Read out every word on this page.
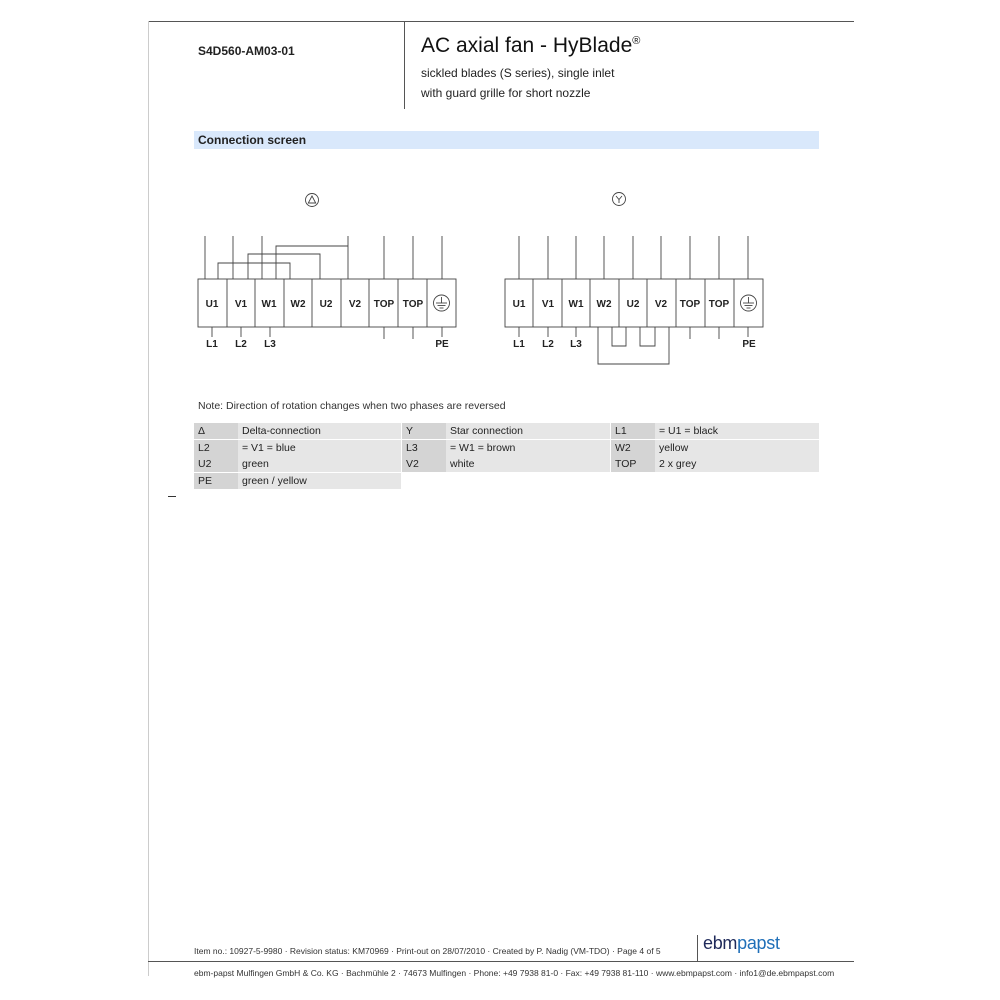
S4D560-AM03-01	AC axial fan - HyBlade®
sickled blades (S series), single inlet
with guard grille for short nozzle
Connection screen
U1 V1 W1 W2 U2 V2 TOP TOP
L1 L2 L3	PE
U1 V1 W1 W2 U2 V2 TOP TOP
L1 L2 L3	PE
Note: Direction of rotation changes when two phases are reversed
Δ	Delta-connection	Y	Star connection	L1	= U1 = black
L2	= V1 = blue	L3	= W1 = brown	W2	yellow
U2	green	V2	white	TOP	2 x grey
PE	green / yellow
Item no.: 10927-5-9980 · Revision status: KM70969 · Print-out on 28/07/2010 · Created by P. Nadig (VM-TDO) · Page 4 of 5
ebm-papst Mulfingen GmbH & Co. KG · Bachmühle 2 · 74673 Mulfingen · Phone: +49 7938 81-0 · Fax: +49 7938 81-110 · www.ebmpapst.com · info1@de.ebmpapst.com
ebmpapst
